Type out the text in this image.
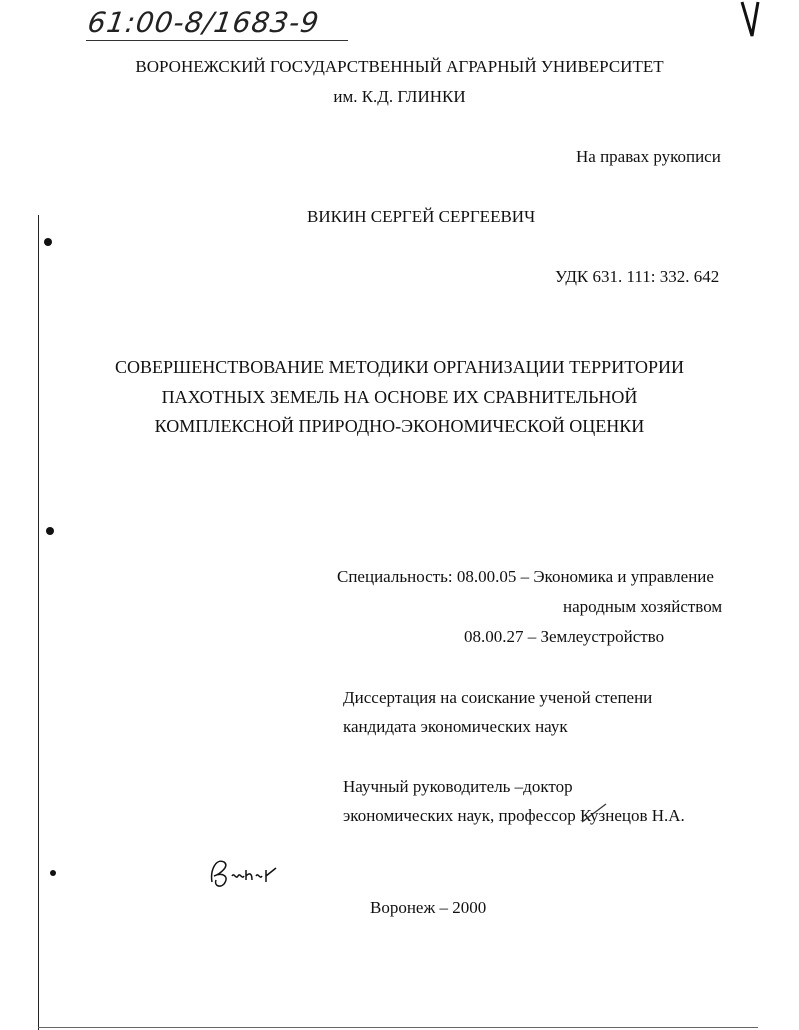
61:00-8/1683-9
ВОРОНЕЖСКИЙ ГОСУДАРСТВЕННЫЙ АГРАРНЫЙ УНИВЕРСИТЕТ
им. К.Д. ГЛИНКИ
На правах рукописи
ВИКИН СЕРГЕЙ СЕРГЕЕВИЧ
УДК 631. 111: 332. 642
СОВЕРШЕНСТВОВАНИЕ МЕТОДИКИ ОРГАНИЗАЦИИ ТЕРРИТОРИИ
ПАХОТНЫХ ЗЕМЕЛЬ НА ОСНОВЕ ИХ СРАВНИТЕЛЬНОЙ
КОМПЛЕКСНОЙ ПРИРОДНО-ЭКОНОМИЧЕСКОЙ ОЦЕНКИ
Специальность: 08.00.05 – Экономика и управление
народным хозяйством
08.00.27 – Землеустройство
Диссертация на соискание ученой степени
кандидата экономических наук
Научный руководитель –доктор
экономических наук, профессор Кузнецов Н.А.
Воронеж – 2000
